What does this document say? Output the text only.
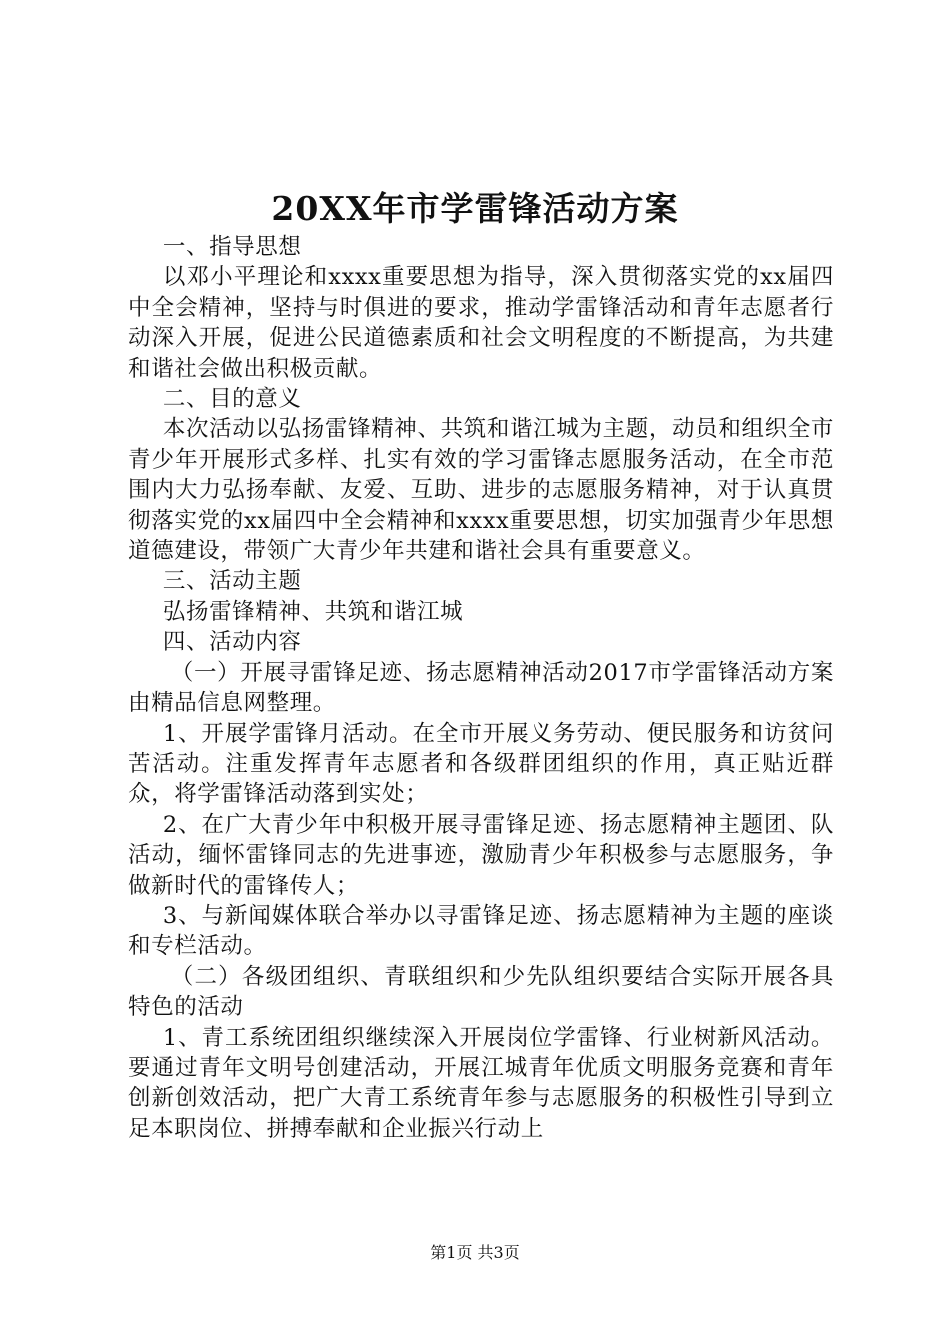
20XX年市学雷锋活动方案

一、指导思想

以邓小平理论和xxxx重要思想为指导，深入贯彻落实党的xx届四中全会精神，坚持与时俱进的要求，推动学雷锋活动和青年志愿者行动深入开展，促进公民道德素质和社会文明程度的不断提高，为共建和谐社会做出积极贡献。

二、目的意义

本次活动以弘扬雷锋精神、共筑和谐江城为主题，动员和组织全市青少年开展形式多样、扎实有效的学习雷锋志愿服务活动，在全市范围内大力弘扬奉献、友爱、互助、进步的志愿服务精神，对于认真贯彻落实党的xx届四中全会精神和xxxx重要思想，切实加强青少年思想道德建设，带领广大青少年共建和谐社会具有重要意义。

三、活动主题

弘扬雷锋精神、共筑和谐江城

四、活动内容

（一）开展寻雷锋足迹、扬志愿精神活动2017市学雷锋活动方案由精品信息网整理。

1、开展学雷锋月活动。在全市开展义务劳动、便民服务和访贫问苦活动。注重发挥青年志愿者和各级群团组织的作用，真正贴近群众，将学雷锋活动落到实处；

2、在广大青少年中积极开展寻雷锋足迹、扬志愿精神主题团、队活动，缅怀雷锋同志的先进事迹，激励青少年积极参与志愿服务，争做新时代的雷锋传人；

3、与新闻媒体联合举办以寻雷锋足迹、扬志愿精神为主题的座谈和专栏活动。

（二）各级团组织、青联组织和少先队组织要结合实际开展各具特色的活动

1、青工系统团组织继续深入开展岗位学雷锋、行业树新风活动。要通过青年文明号创建活动，开展江城青年优质文明服务竞赛和青年创新创效活动，把广大青工系统青年参与志愿服务的积极性引导到立足本职岗位、拼搏奉献和企业振兴行动上

第1页 共3页
